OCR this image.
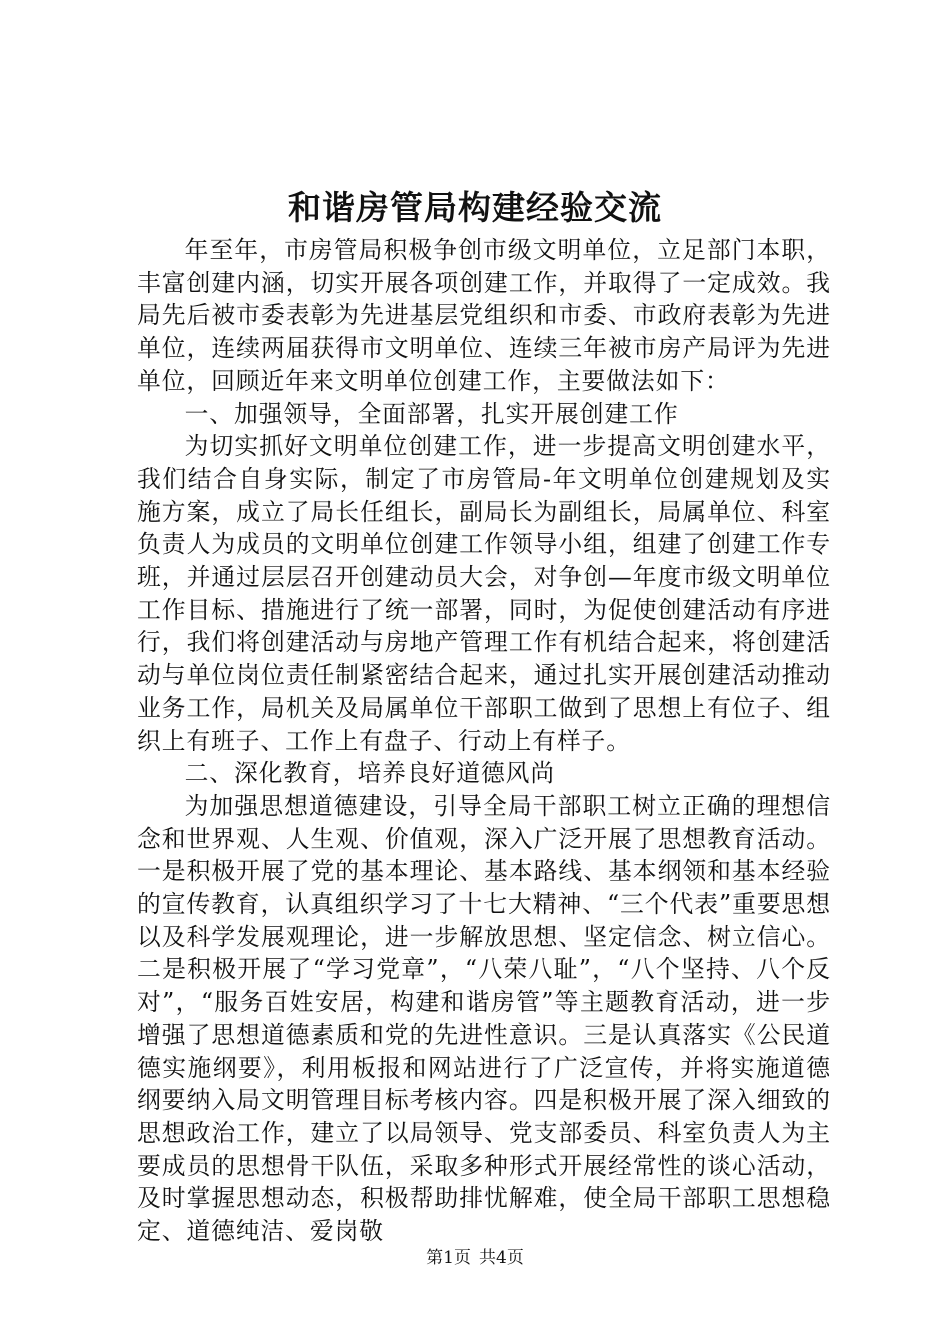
和谐房管局构建经验交流

年至年，市房管局积极争创市级文明单位，立足部门本职，丰富创建内涵，切实开展各项创建工作，并取得了一定成效。我局先后被市委表彰为先进基层党组织和市委、市政府表彰为先进单位，连续两届获得市文明单位、连续三年被市房产局评为先进单位，回顾近年来文明单位创建工作，主要做法如下：

一、加强领导，全面部署，扎实开展创建工作

为切实抓好文明单位创建工作，进一步提高文明创建水平，我们结合自身实际，制定了市房管局-年文明单位创建规划及实施方案，成立了局长任组长，副局长为副组长，局属单位、科室负责人为成员的文明单位创建工作领导小组，组建了创建工作专班，并通过层层召开创建动员大会，对争创—年度市级文明单位工作目标、措施进行了统一部署，同时，为促使创建活动有序进行，我们将创建活动与房地产管理工作有机结合起来，将创建活动与单位岗位责任制紧密结合起来，通过扎实开展创建活动推动业务工作，局机关及局属单位干部职工做到了思想上有位子、组织上有班子、工作上有盘子、行动上有样子。

二、深化教育，培养良好道德风尚

为加强思想道德建设，引导全局干部职工树立正确的理想信念和世界观、人生观、价值观，深入广泛开展了思想教育活动。一是积极开展了党的基本理论、基本路线、基本纲领和基本经验的宣传教育，认真组织学习了十七大精神、“三个代表”重要思想以及科学发展观理论，进一步解放思想、坚定信念、树立信心。二是积极开展了“学习党章”，“八荣八耻”，“八个坚持、八个反对”，“服务百姓安居，构建和谐房管”等主题教育活动，进一步增强了思想道德素质和党的先进性意识。三是认真落实《公民道德实施纲要》，利用板报和网站进行了广泛宣传，并将实施道德纲要纳入局文明管理目标考核内容。四是积极开展了深入细致的思想政治工作，建立了以局领导、党支部委员、科室负责人为主要成员的思想骨干队伍，采取多种形式开展经常性的谈心活动，及时掌握思想动态，积极帮助排忧解难，使全局干部职工思想稳定、道德纯洁、爱岗敬

第1页 共4页
